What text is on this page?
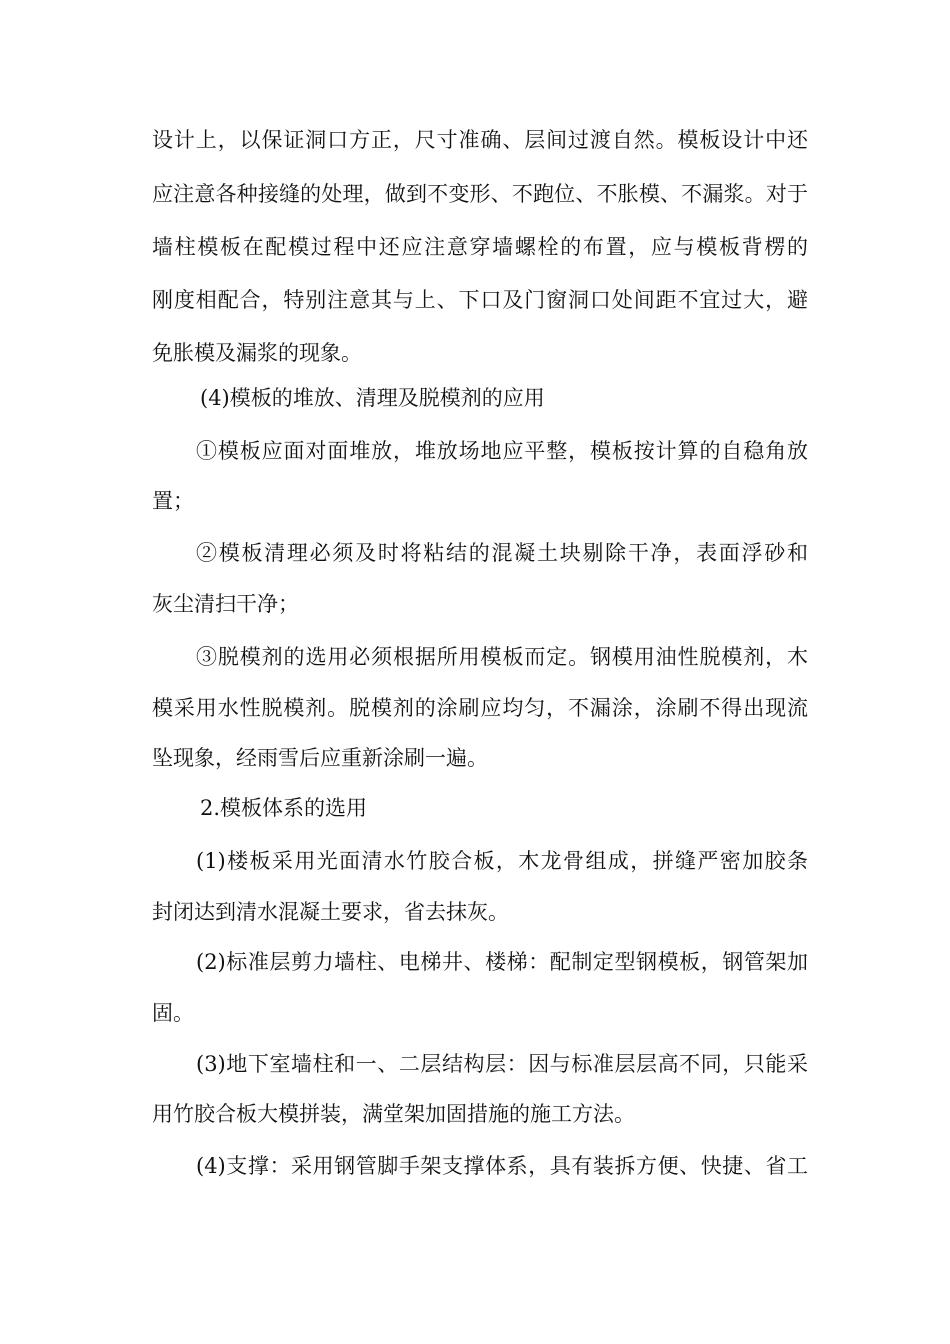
设计上，以保证洞口方正，尺寸准确、层间过渡自然。模板设计中还
应注意各种接缝的处理，做到不变形、不跑位、不胀模、不漏浆。对于
墙柱模板在配模过程中还应注意穿墙螺栓的布置，应与模板背楞的
刚度相配合，特别注意其与上、下口及门窗洞口处间距不宜过大，避
免胀模及漏浆的现象。
(4)模板的堆放、清理及脱模剂的应用
①模板应面对面堆放，堆放场地应平整，模板按计算的自稳角放
置；
②模板清理必须及时将粘结的混凝土块剔除干净，表面浮砂和
灰尘清扫干净；
③脱模剂的选用必须根据所用模板而定。钢模用油性脱模剂，木
模采用水性脱模剂。脱模剂的涂刷应均匀，不漏涂，涂刷不得出现流
坠现象，经雨雪后应重新涂刷一遍。
2.模板体系的选用
(1)楼板采用光面清水竹胶合板，木龙骨组成，拼缝严密加胶条
封闭达到清水混凝土要求，省去抹灰。
(2)标准层剪力墙柱、电梯井、楼梯：配制定型钢模板，钢管架加
固。
(3)地下室墙柱和一、二层结构层：因与标准层层高不同，只能采
用竹胶合板大模拼装，满堂架加固措施的施工方法。
(4)支撑：采用钢管脚手架支撑体系，具有装拆方便、快捷、省工
